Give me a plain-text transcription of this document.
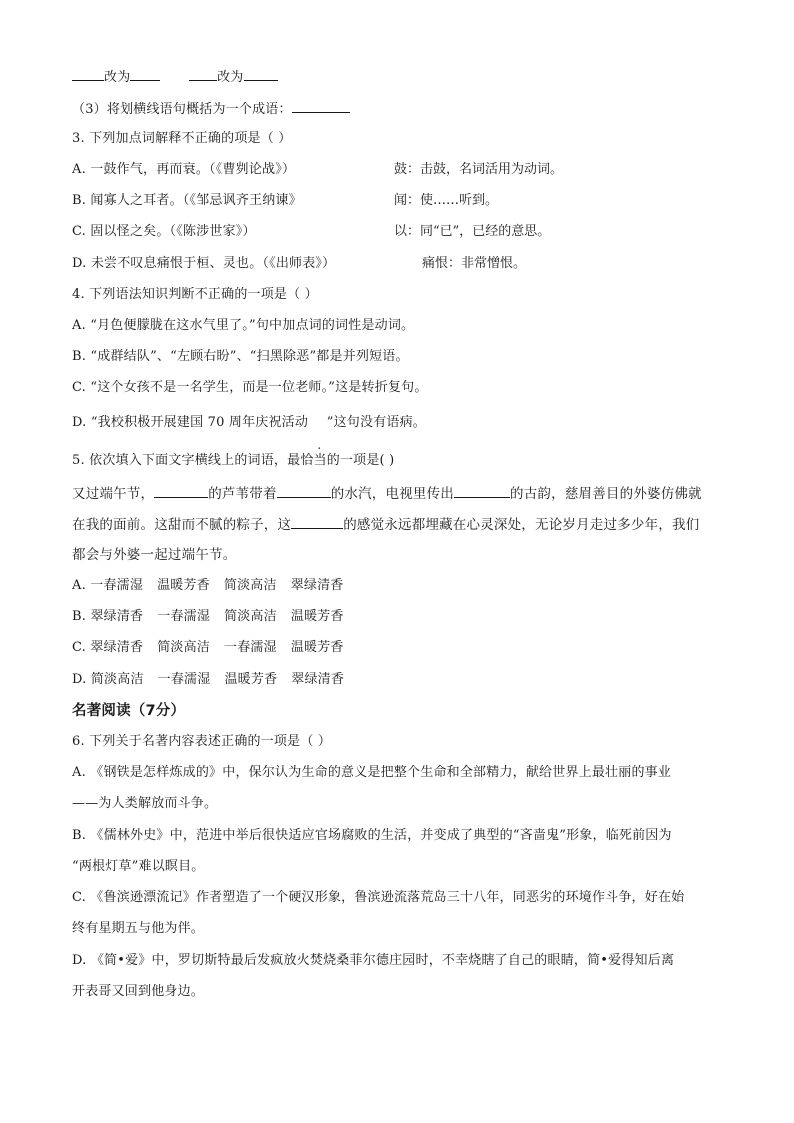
改为	改为
（3）将划横线语句概括为一个成语：
3. 下列加点词解释不正确的项是（ ）
A. 一鼓作气，再而衰。（《曹刿论战》）	鼓：击鼓，名词活用为动词。
B. 闻寡人之耳者。（《邹忌讽齐王纳谏》	闻：使……听到。
C. 固以怪之矣。（《陈涉世家》）	以：同“已”，已经的意思。
D. 未尝不叹息痛恨于桓、灵也。（《出师表》）	痛恨：非常憎恨。
4. 下列语法知识判断不正确的一项是（ ）
A. “月色便朦胧在这水气里了。”句中加点词的词性是动词。
B. “成群结队”、“左顾右盼”、“扫黑除恶”都是并列短语。
C. “这个女孩不是一名学生，而是一位老师。”这是转折复句。
D. “我校积极开展建国 70 周年庆祝活动 ”这句没有语病。
5. 依次填入下面文字横线上的词语，最恰当的一项是( )
又过端午节，	的芦苇带着	的水汽，电视里传出	的古韵，慈眉善目的外婆仿佛就
在我的面前。这甜而不腻的粽子，这	的感觉永远都埋藏在心灵深处，无论岁月走过多少年，我们
都会与外婆一起过端午节。
A. 一春濡湿 温暖芳香 简淡高洁 翠绿清香
B. 翠绿清香 一春濡湿 简淡高洁 温暖芳香
C. 翠绿清香 简淡高洁 一春濡湿 温暖芳香
D. 简淡高洁 一春濡湿 温暖芳香 翠绿清香
名著阅读（7分）
6. 下列关于名著内容表述正确的一项是（ ）
A. 《钢铁是怎样炼成的》中，保尔认为生命的意义是把整个生命和全部精力，献给世界上最壮丽的事业
——为人类解放而斗争。
B. 《儒林外史》中，范进中举后很快适应官场腐败的生活，并变成了典型的“吝啬鬼”形象，临死前因为
“两根灯草”难以瞑目。
C. 《鲁滨逊漂流记》作者塑造了一个硬汉形象，鲁滨逊流落荒岛三十八年，同恶劣的环境作斗争，好在始
终有星期五与他为伴。
D. 《简•爱》中，罗切斯特最后发疯放火焚烧桑菲尔德庄园时，不幸烧瞎了自己的眼睛，简•爱得知后离
开表哥又回到他身边。
